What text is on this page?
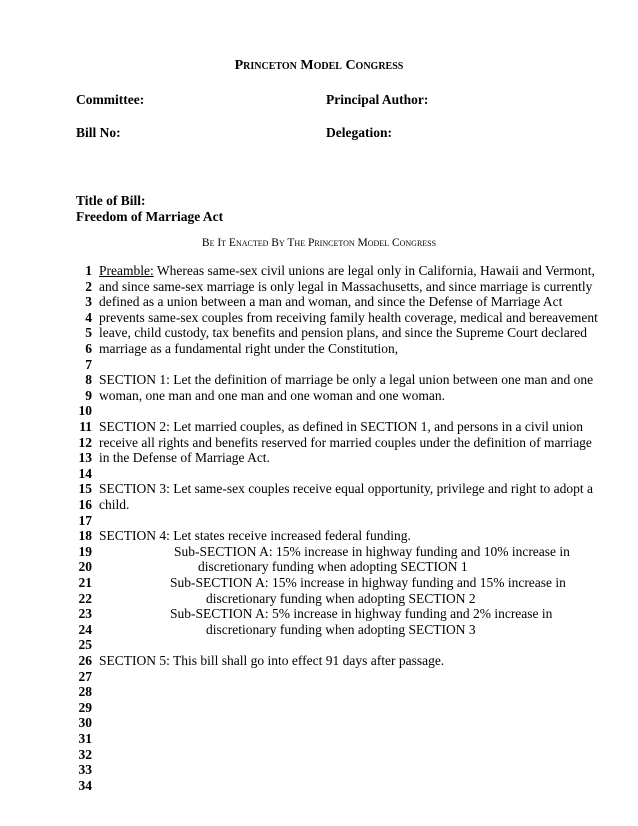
Princeton Model Congress
Committee:	Principal Author:
Bill No:	Delegation:
Title of Bill:
Freedom of Marriage Act
Be It Enacted By The Princeton Model Congress
1 Preamble: Whereas same-sex civil unions are legal only in California, Hawaii and Vermont,
2 and since same-sex marriage is only legal in Massachusetts, and since marriage is currently
3 defined as a union between a man and woman, and since the Defense of Marriage Act
4 prevents same-sex couples from receiving family health coverage, medical and bereavement
5 leave, child custody, tax benefits and pension plans, and since the Supreme Court declared
6 marriage as a fundamental right under the Constitution,
7
8 SECTION 1: Let the definition of marriage be only a legal union between one man and one
9 woman, one man and one man and one woman and one woman.
10
11 SECTION 2: Let married couples, as defined in SECTION 1, and persons in a civil union
12 receive all rights and benefits reserved for married couples under the definition of marriage
13 in the Defense of Marriage Act.
14
15 SECTION 3: Let same-sex couples receive equal opportunity, privilege and right to adopt a
16 child.
17
18 SECTION 4: Let states receive increased federal funding.
19	Sub-SECTION A: 15% increase in highway funding and 10% increase in
20	discretionary funding when adopting SECTION 1
21	Sub-SECTION A: 15% increase in highway funding and 15% increase in
22	discretionary funding when adopting SECTION 2
23	Sub-SECTION A: 5% increase in highway funding and 2% increase in
24	discretionary funding when adopting SECTION 3
25
26 SECTION 5: This bill shall go into effect 91 days after passage.
27
28
29
30
31
32
33
34
